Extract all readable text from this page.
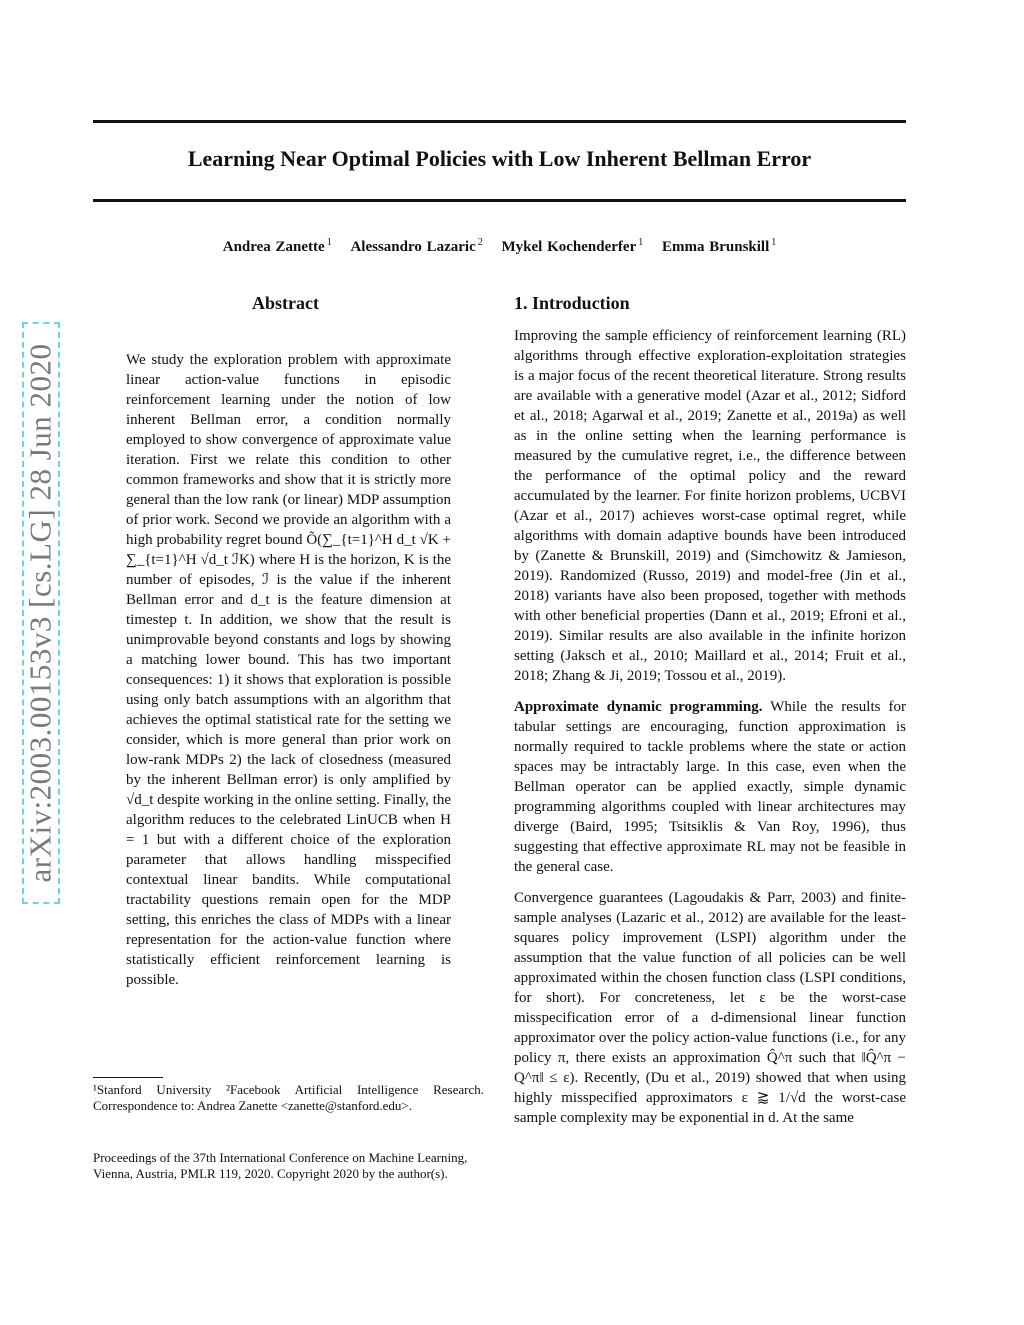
Learning Near Optimal Policies with Low Inherent Bellman Error
Andrea Zanette $^1$ Alessandro Lazaric $^2$ Mykel Kochenderfer $^1$ Emma Brunskill $^1$
arXiv:2003.00153v3 [cs.LG] 28 Jun 2020
Abstract
We study the exploration problem with approximate linear action-value functions in episodic reinforcement learning under the notion of low inherent Bellman error, a condition normally employed to show convergence of approximate value iteration. First we relate this condition to other common frameworks and show that it is strictly more general than the low rank (or linear) MDP assumption of prior work. Second we provide an algorithm with a high probability regret bound Õ(∑_{t=1}^H d_t √K + ∑_{t=1}^H √d_t ℐK) where H is the horizon, K is the number of episodes, ℐ is the value if the inherent Bellman error and d_t is the feature dimension at timestep t. In addition, we show that the result is unimprovable beyond constants and logs by showing a matching lower bound. This has two important consequences: 1) it shows that exploration is possible using only batch assumptions with an algorithm that achieves the optimal statistical rate for the setting we consider, which is more general than prior work on low-rank MDPs 2) the lack of closedness (measured by the inherent Bellman error) is only amplified by √d_t despite working in the online setting. Finally, the algorithm reduces to the celebrated LinUCB when H = 1 but with a different choice of the exploration parameter that allows handling misspecified contextual linear bandits. While computational tractability questions remain open for the MDP setting, this enriches the class of MDPs with a linear representation for the action-value function where statistically efficient reinforcement learning is possible.
1. Introduction

Improving the sample efficiency of reinforcement learning (RL) algorithms through effective exploration-exploitation strategies is a major focus of the recent theoretical literature. Strong results are available with a generative model (Azar et al., 2012; Sidford et al., 2018; Agarwal et al., 2019; Zanette et al., 2019a) as well as in the online setting when the learning performance is measured by the cumulative regret, i.e., the difference between the performance of the optimal policy and the reward accumulated by the learner. For finite horizon problems, UCBVI (Azar et al., 2017) achieves worst-case optimal regret, while algorithms with domain adaptive bounds have been introduced by (Zanette & Brunskill, 2019) and (Simchowitz & Jamieson, 2019). Randomized (Russo, 2019) and model-free (Jin et al., 2018) variants have also been proposed, together with methods with other beneficial properties (Dann et al., 2019; Efroni et al., 2019). Similar results are also available in the infinite horizon setting (Jaksch et al., 2010; Maillard et al., 2014; Fruit et al., 2018; Zhang & Ji, 2019; Tossou et al., 2019).

Approximate dynamic programming. While the results for tabular settings are encouraging, function approximation is normally required to tackle problems where the state or action spaces may be intractably large. In this case, even when the Bellman operator can be applied exactly, simple dynamic programming algorithms coupled with linear architectures may diverge (Baird, 1995; Tsitsiklis & Van Roy, 1996), thus suggesting that effective approximate RL may not be feasible in the general case.

Convergence guarantees (Lagoudakis & Parr, 2003) and finite-sample analyses (Lazaric et al., 2012) are available for the least-squares policy improvement (LSPI) algorithm under the assumption that the value function of all policies can be well approximated within the chosen function class (LSPI conditions, for short). For concreteness, let ε be the worst-case misspecification error of a d-dimensional linear function approximator over the policy action-value functions (i.e., for any policy π, there exists an approximation Q̂^π such that ‖Q̂^π − Q^π‖ ≤ ε). Recently, (Du et al., 2019) showed that when using highly misspecified approximators ε ⪆ 1/√d the worst-case sample complexity may be exponential in d. At the same

¹Stanford University ²Facebook Artificial Intelligence Research. Correspondence to: Andrea Zanette <zanette@stanford.edu>.
Proceedings of the 37th International Conference on Machine Learning, Vienna, Austria, PMLR 119, 2020. Copyright 2020 by the author(s).
